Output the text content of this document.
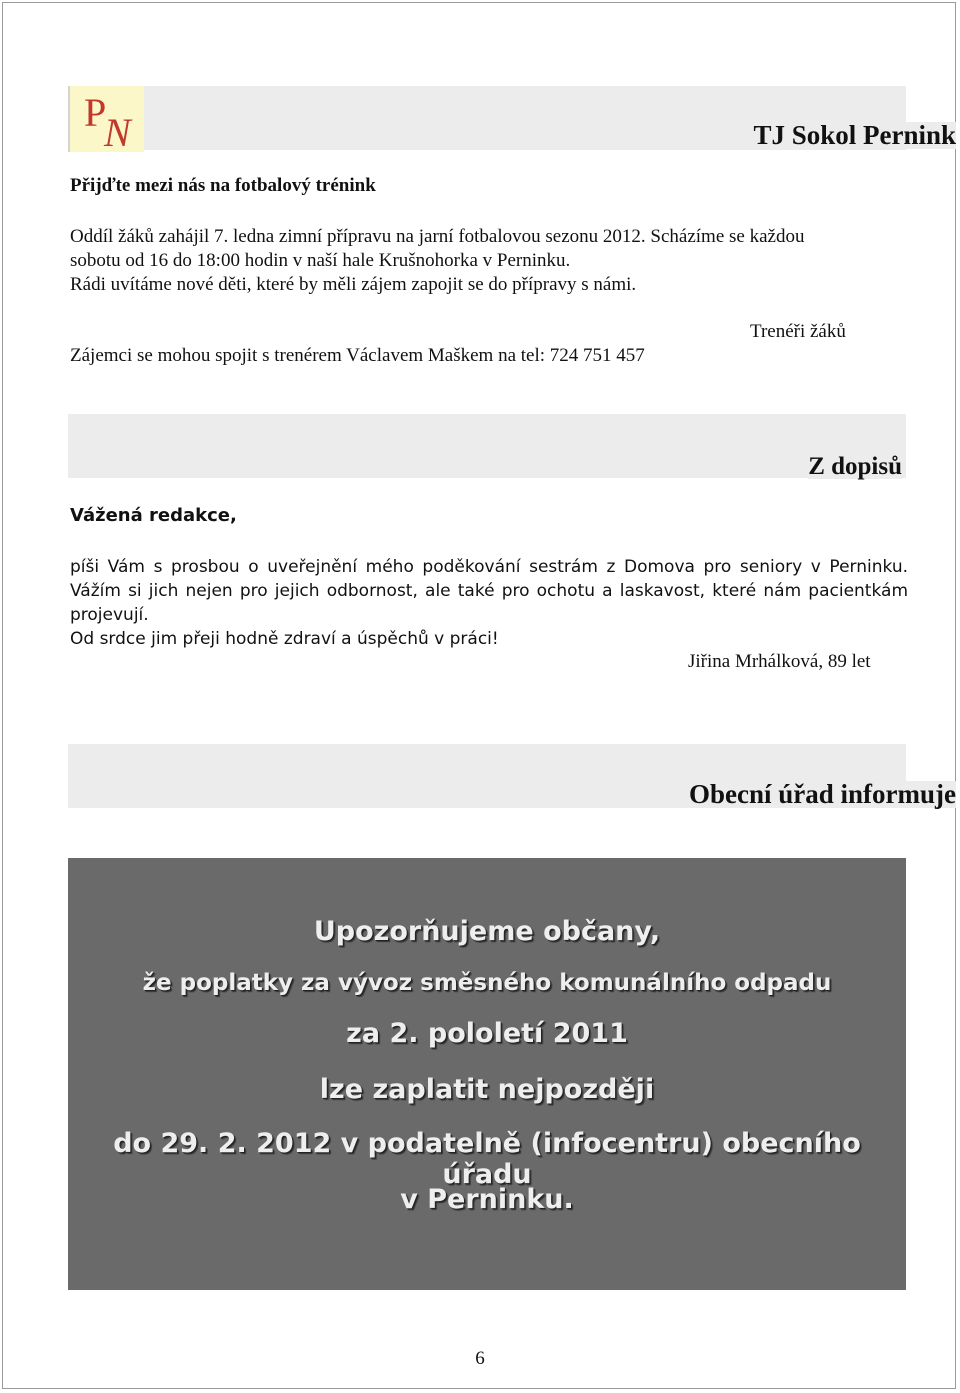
P
N	TJ Sokol Pernink
Přijďte mezi nás na fotbalový trénink
Oddíl žáků zahájil 7. ledna zimní přípravu na jarní fotbalovou sezonu 2012. Scházíme se každou
sobotu od 16 do 18:00 hodin v naší hale Krušnohorka v Perninku.
Rádi uvítáme nové děti, které by měli zájem zapojit se do přípravy s námi.
Trenéři žáků
Zájemci se mohou spojit s trenérem Václavem Maškem na tel: 724 751 457
Z dopisů
Vážená redakce,
píši Vám s prosbou o uveřejnění mého poděkování sestrám z Domova pro seniory v Perninku.
Vážím si jich nejen pro jejich odbornost, ale také pro ochotu a laskavost, které nám pacientkám
projevují.
Od srdce jim přeji hodně zdraví a úspěchů v práci!
Jiřina Mrhálková, 89 let
Obecní úřad informuje
Upozorňujeme občany,
že poplatky za vývoz směsného komunálního odpadu
za 2. pololetí 2011
lze zaplatit nejpozději
do 29. 2. 2012 v podatelně (infocentru) obecního úřadu
v Perninku.
6
